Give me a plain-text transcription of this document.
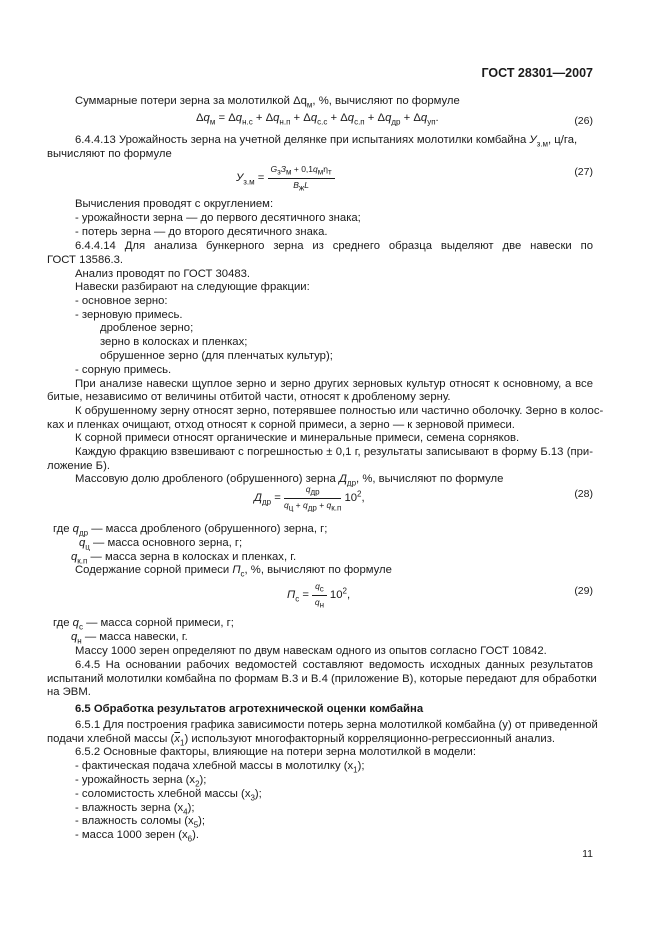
ГОСТ 28301—2007
Суммарные потери зерна за молотилкой $\Delta q_м$, %, вычисляют по формуле
$\Delta q_м = \Delta q_{н.с} + \Delta q_{н.п} + \Delta q_{с.с} + \Delta q_{с.п} + \Delta q_{др} + \Delta q_{уп}$.	(26)
6.4.4.13 Урожайность зерна на учетной делянке при испытаниях молотилки комбайна $У_{з.м}$, ц/га,
вычисляют по формуле
$У_{з.м} = \frac{G_зЗ_м + 0,1q_м\eta_т}{B_жL}$	(27)
Вычисления проводят с округлением:
- урожайности зерна — до первого десятичного знака;
- потерь зерна — до второго десятичного знака.
6.4.4.14 Для анализа бункерного зерна из среднего образца выделяют две навески по
ГОСТ 13586.3.
Анализ проводят по ГОСТ 30483.
Навески разбирают на следующие фракции:
- основное зерно:
- зерновую примесь.
дробленое зерно;
зерно в колосках и пленках;
обрушенное зерно (для пленчатых культур);
- сорную примесь.
При анализе навески щуплое зерно и зерно других зерновых культур относят к основному, а все
битые, независимо от величины отбитой части, относят к дробленому зерну.
К обрушенному зерну относят зерно, потерявшее полностью или частично оболочку. Зерно в колос-
ках и пленках очищают, отход относят к сорной примеси, а зерно — к зерновой примеси.
К сорной примеси относят органические и минеральные примеси, семена сорняков.
Каждую фракцию взвешивают с погрешностью ± 0,1 г, результаты записывают в форму Б.13 (при-
ложение Б).
Массовую долю дробленого (обрушенного) зерна $Д_{др}$, %, вычисляют по формуле
$Д_{др} = \frac{q_{др}}{q_ц + q_{др} + q_{к.п}} 10^2$,	(28)
где $q_{др}$ — масса дробленого (обрушенного) зерна, г;
$q_ц$ — масса основного зерна, г;
$q_{к.п}$ — масса зерна в колосках и пленках, г.
Содержание сорной примеси $П_с$, %, вычисляют по формуле
$П_с = \frac{q_с}{q_н} 10^2$,	(29)
где $q_с$ — масса сорной примеси, г;
$q_н$ — масса навески, г.
Массу 1000 зерен определяют по двум навескам одного из опытов согласно ГОСТ 10842.
6.4.5 На основании рабочих ведомостей составляют ведомость исходных данных результатов
испытаний молотилки комбайна по формам В.3 и В.4 (приложение В), которые передают для обработки
на ЭВМ.
6.5 Обработка результатов агротехнической оценки комбайна
6.5.1 Для построения графика зависимости потерь зерна молотилкой комбайна (y) от приведенной
подачи хлебной массы $(\overline{x}_1)$ используют многофакторный корреляционно-регрессионный анализ.
6.5.2 Основные факторы, влияющие на потери зерна молотилкой в модели:
- фактическая подача хлебной массы в молотилку $(x_1)$;
- урожайность зерна $(x_2)$;
- соломистость хлебной массы $(x_3)$;
- влажность зерна $(x_4)$;
- влажность соломы $(x_5)$;
- масса 1000 зерен $(x_6)$.
11
